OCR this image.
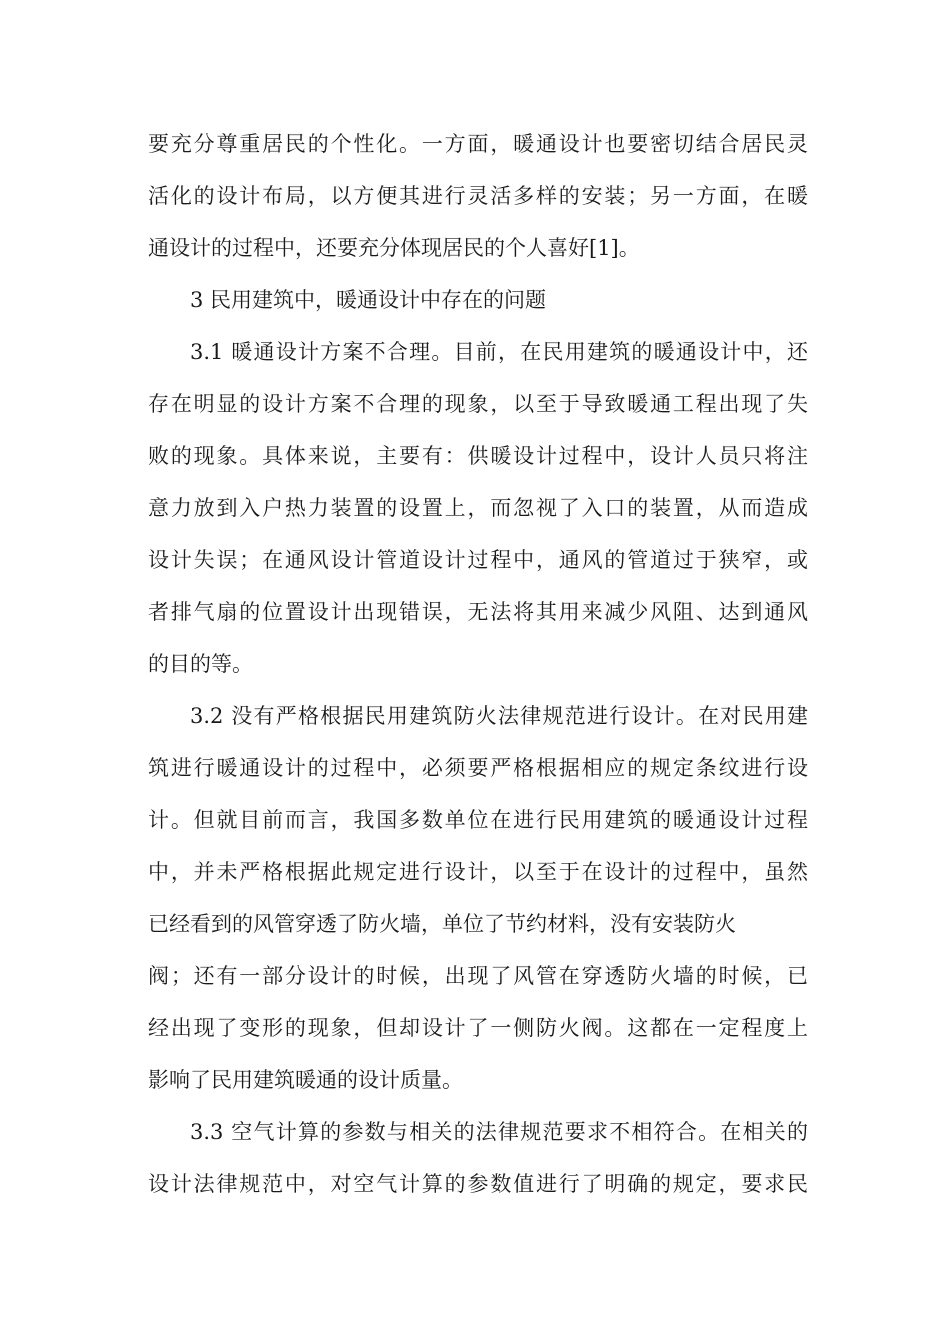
要充分尊重居民的个性化。一方面，暖通设计也要密切结合居民灵
活化的设计布局，以方便其进行灵活多样的安装；另一方面，在暖
通设计的过程中，还要充分体现居民的个人喜好[1]。
3 民用建筑中，暖通设计中存在的问题
3.1 暖通设计方案不合理。目前，在民用建筑的暖通设计中，还
存在明显的设计方案不合理的现象，以至于导致暖通工程出现了失
败的现象。具体来说，主要有：供暖设计过程中，设计人员只将注
意力放到入户热力装置的设置上，而忽视了入口的装置，从而造成
设计失误；在通风设计管道设计过程中，通风的管道过于狭窄，或
者排气扇的位置设计出现错误，无法将其用来减少风阻、达到通风
的目的等。
3.2 没有严格根据民用建筑防火法律规范进行设计。在对民用建
筑进行暖通设计的过程中，必须要严格根据相应的规定条纹进行设
计。但就目前而言，我国多数单位在进行民用建筑的暖通设计过程
中，并未严格根据此规定进行设计，以至于在设计的过程中，虽然
已经看到的风管穿透了防火墙，单位了节约材料，没有安装防火
阀；还有一部分设计的时候，出现了风管在穿透防火墙的时候，已
经出现了变形的现象，但却设计了一侧防火阀。这都在一定程度上
影响了民用建筑暖通的设计质量。
3.3 空气计算的参数与相关的法律规范要求不相符合。在相关的
设计法律规范中，对空气计算的参数值进行了明确的规定，要求民
